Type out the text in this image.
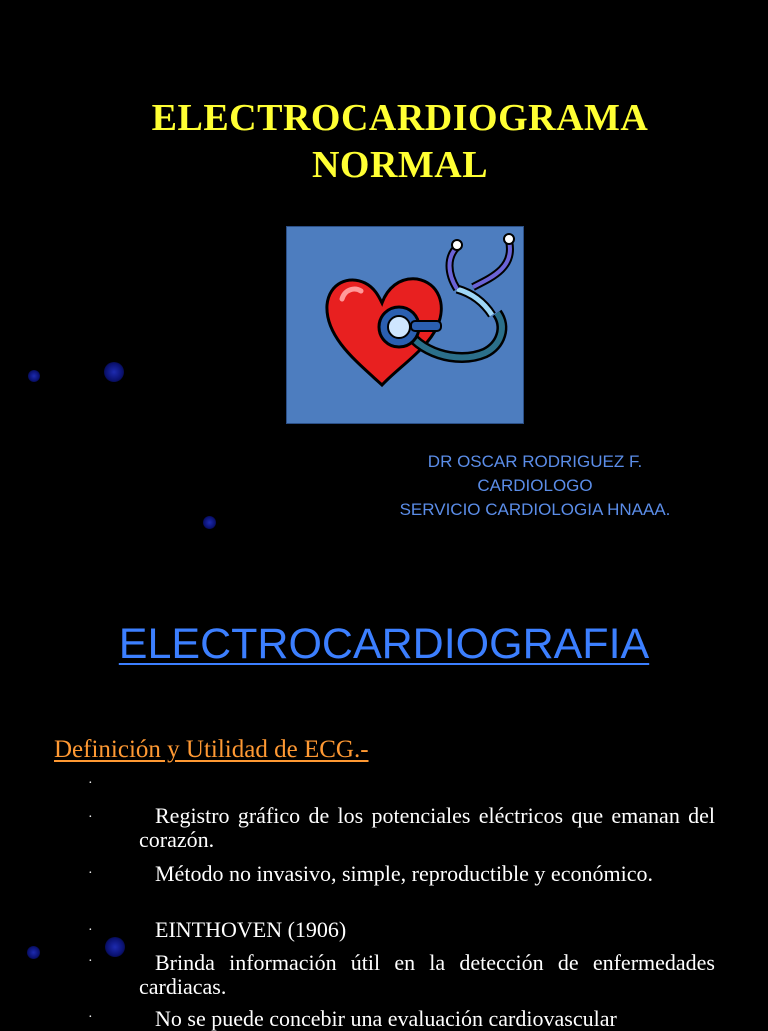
ELECTROCARDIOGRAMA
NORMAL
DR OSCAR RODRIGUEZ F.
CARDIOLOGO
SERVICIO CARDIOLOGIA HNAAA.
ELECTROCARDIOGRAFIA
Definición y Utilidad de ECG.-
·
·
·
·
·
·
Registro gráfico de los potenciales eléctricos que emanan del corazón.
Método no invasivo, simple, reproductible y económico.
EINTHOVEN (1906)
Brinda información útil en la detección de enfermedades cardiacas.
No se puede concebir una evaluación cardiovascular
